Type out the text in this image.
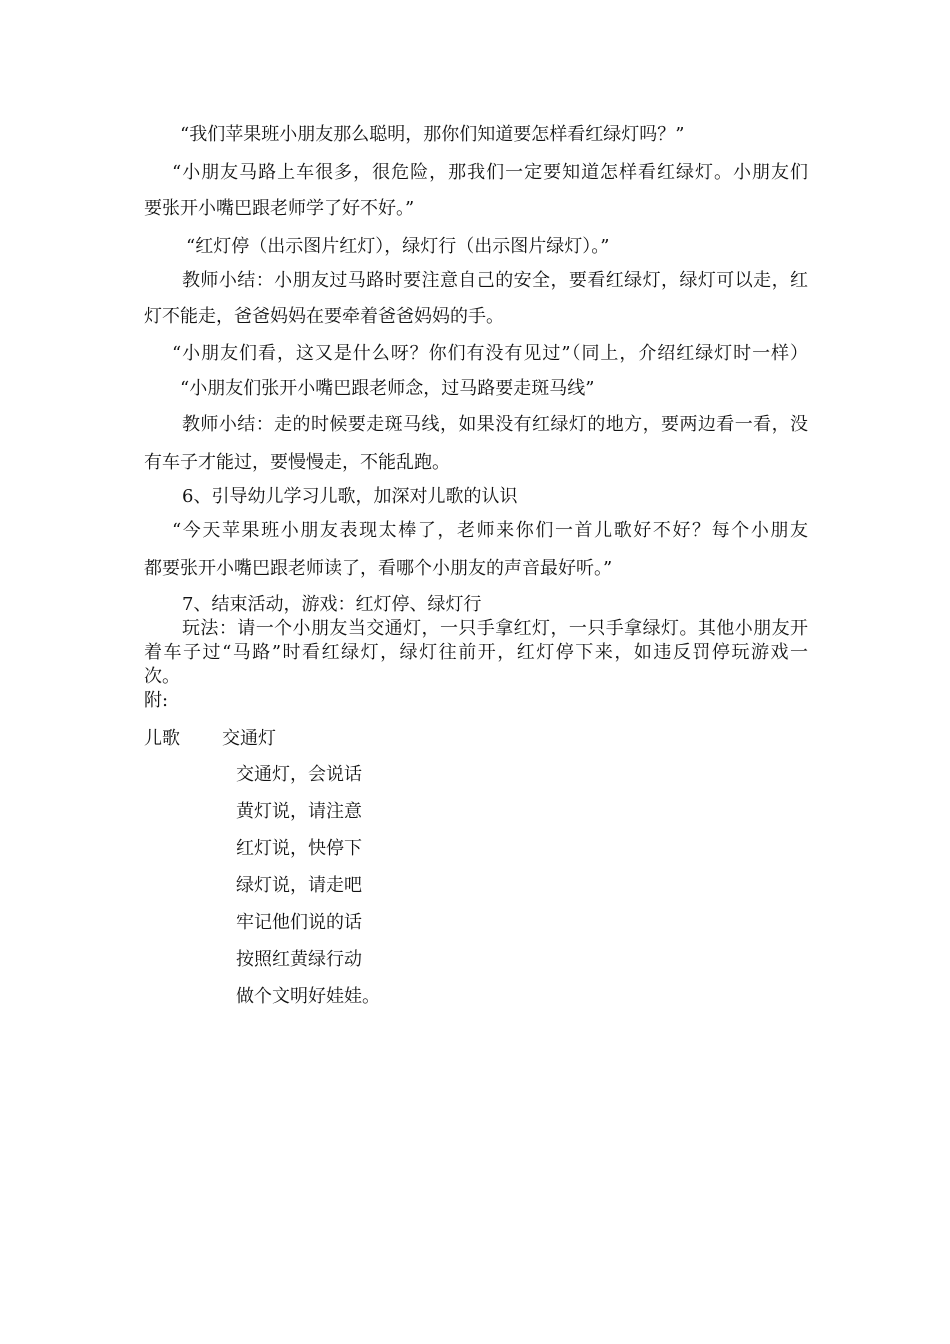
“我们苹果班小朋友那么聪明，那你们知道要怎样看红绿灯吗？”
“小朋友马路上车很多，很危险，那我们一定要知道怎样看红绿灯。小朋友们
要张开小嘴巴跟老师学了好不好。”
“红灯停（出示图片红灯），绿灯行（出示图片绿灯）。”
教师小结：小朋友过马路时要注意自己的安全，要看红绿灯，绿灯可以走，红
灯不能走，爸爸妈妈在要牵着爸爸妈妈的手。
“小朋友们看，这又是什么呀？你们有没有见过”（同上，介绍红绿灯时一样）
“小朋友们张开小嘴巴跟老师念，过马路要走斑马线”
教师小结：走的时候要走斑马线，如果没有红绿灯的地方，要两边看一看，没
有车子才能过，要慢慢走，不能乱跑。
6、引导幼儿学习儿歌，加深对儿歌的认识
“今天苹果班小朋友表现太棒了，老师来你们一首儿歌好不好？每个小朋友
都要张开小嘴巴跟老师读了，看哪个小朋友的声音最好听。”
7、结束活动，游戏：红灯停、绿灯行
玩法：请一个小朋友当交通灯，一只手拿红灯，一只手拿绿灯。其他小朋友开
着车子过“马路”时看红绿灯，绿灯往前开，红灯停下来，如违反罚停玩游戏一
次。
附:
儿歌 交通灯
交通灯，会说话
黄灯说，请注意
红灯说，快停下
绿灯说，请走吧
牢记他们说的话
按照红黄绿行动
做个文明好娃娃。
